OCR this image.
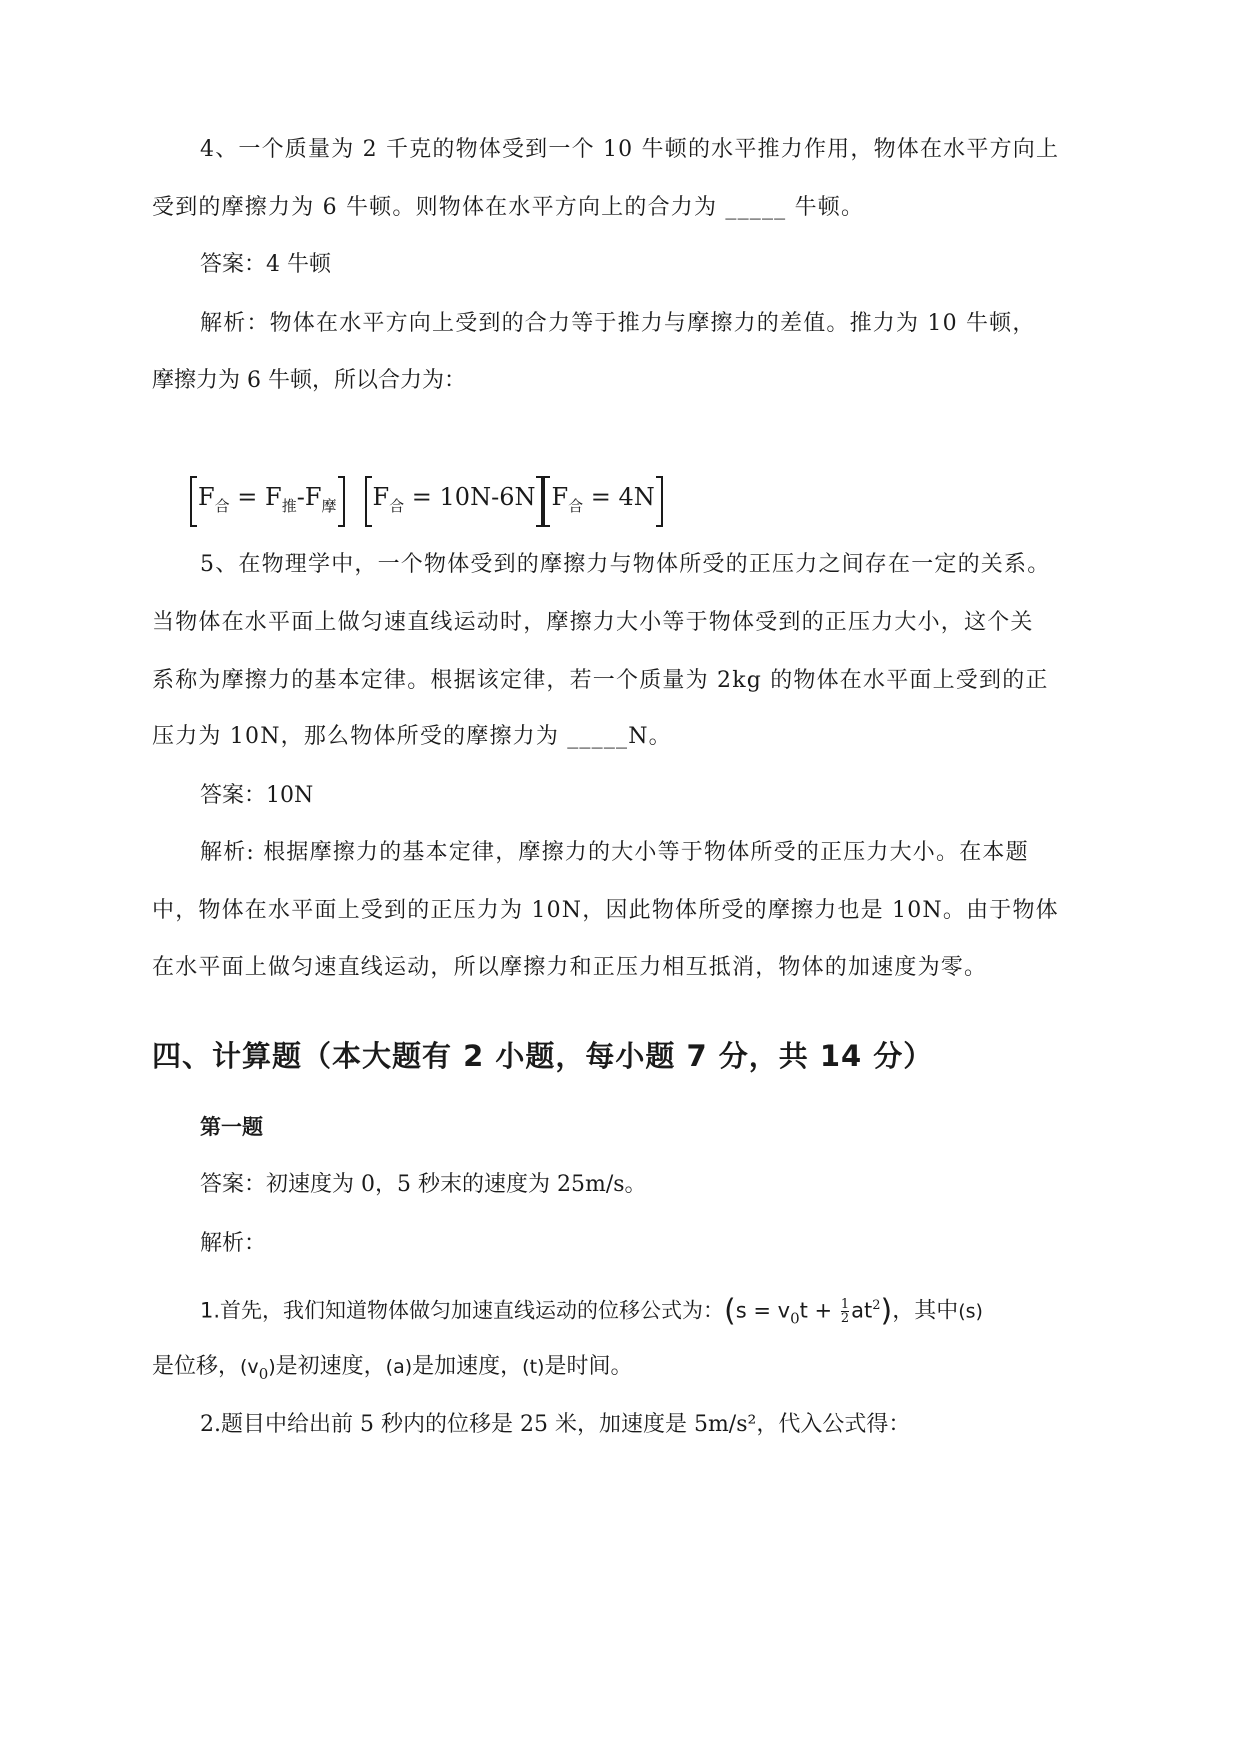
4、一个质量为 2 千克的物体受到一个 10 牛顿的水平推力作用，物体在水平方向上
受到的摩擦力为 6 牛顿。则物体在水平方向上的合力为 _____ 牛顿。
答案：4 牛顿
解析：物体在水平方向上受到的合力等于推力与摩擦力的差值。推力为 10 牛顿，
摩擦力为 6 牛顿，所以合力为：
$F_合 = F_推-F_摩$	$F_合 = 10N-6N$ $F_合 = 4N$
5、在物理学中，一个物体受到的摩擦力与物体所受的正压力之间存在一定的关系。
当物体在水平面上做匀速直线运动时，摩擦力大小等于物体受到的正压力大小，这个关
系称为摩擦力的基本定律。根据该定律，若一个质量为 2kg 的物体在水平面上受到的正
压力为 10N，那么物体所受的摩擦力为 _____N。
答案：10N
解析: 根据摩擦力的基本定律，摩擦力的大小等于物体所受的正压力大小。在本题
中，物体在水平面上受到的正压力为 10N，因此物体所受的摩擦力也是 10N。由于物体
在水平面上做匀速直线运动，所以摩擦力和正压力相互抵消，物体的加速度为零。
四、计算题（本大题有 2 小题，每小题 7 分，共 14 分）
第一题
答案：初速度为 0，5 秒末的速度为 25m/s。
解析：
1.首先，我们知道物体做匀加速直线运动的位移公式为：$(s = v_0t + \frac{1}{2} at^2)$，其中(s)
是位移，$(v_0)$是初速度，(a)是加速度，(t)是时间。
2.题目中给出前 5 秒内的位移是 25 米，加速度是 5m/s²，代入公式得：
